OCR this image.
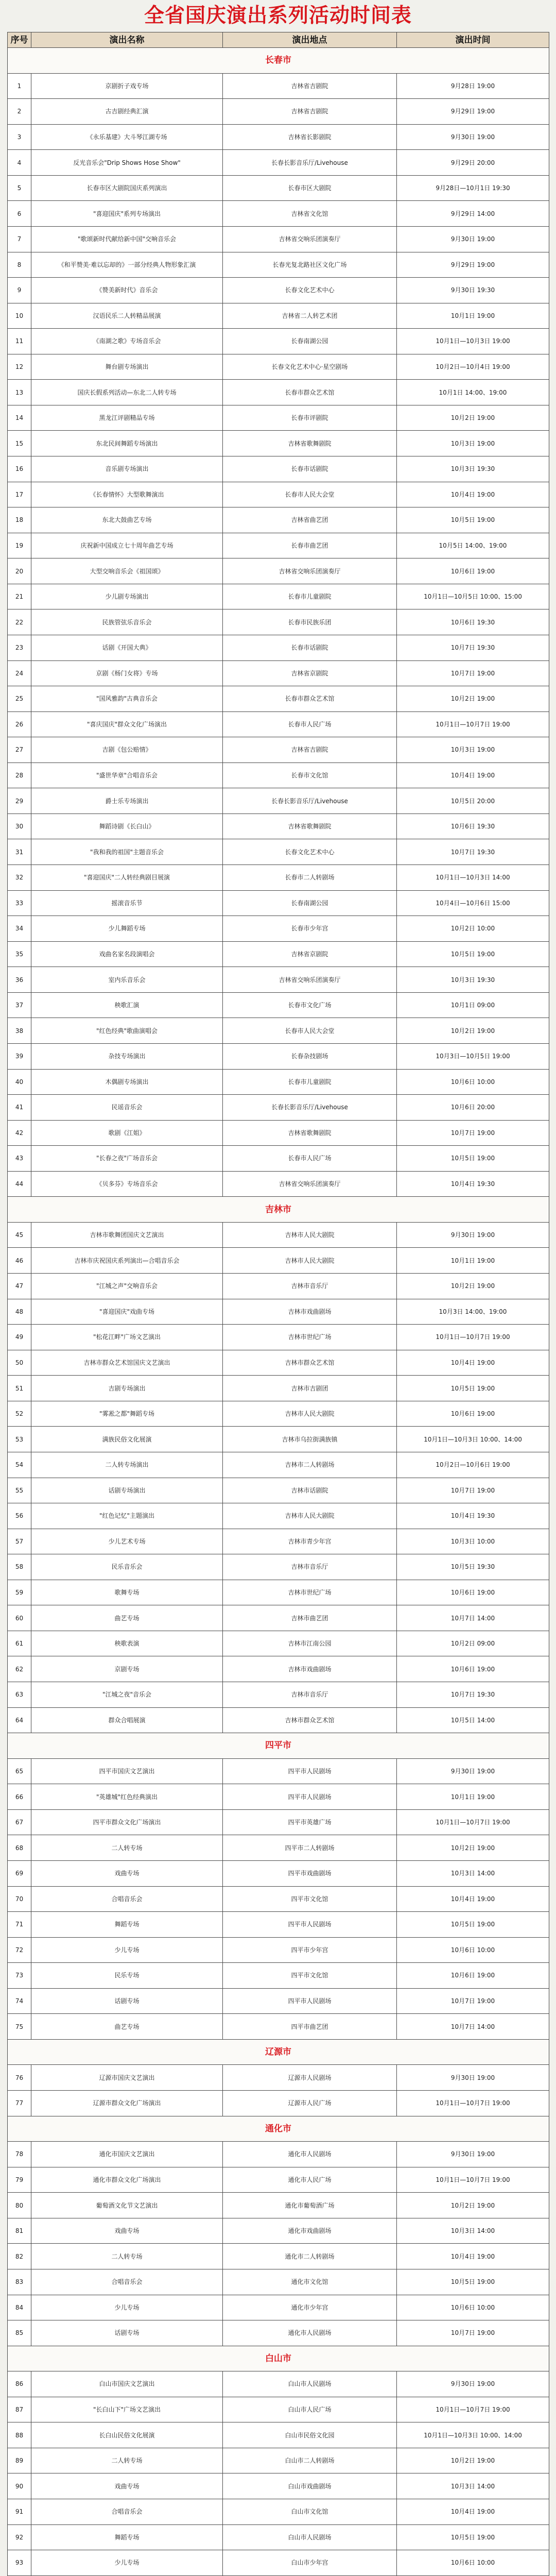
全省国庆演出系列活动时间表
序号	演出名称	演出地点	演出时间
长春市			
1	京剧折子戏专场	吉林省吉剧院	9月28日 19:00
2	古吉剧经典汇演	吉林省吉剧院	9月29日 19:00
3	《永乐基建》大斗琴江湖专场	吉林省长影剧院	9月30日 19:00
4	反光音乐会"Drip Shows Hose Show"	长春长影音乐厅/Livehouse	9月29日 20:00
5	长春市区大剧院国庆系列演出	长春市区大剧院	9月28日—10月1日 19:30
6	"喜迎国庆"系列专场演出	吉林省文化馆	9月29日 14:00
7	"歌颂新时代献给新中国"交响音乐会	吉林省交响乐团演奏厅	9月30日 19:00
8	《和平赞美·难以忘却的》一部分经典人物形象汇演	长春光复北路社区文化广场	9月29日 19:00
9	《赞美新时代》音乐会	长春文化艺术中心	9月30日 19:30
10	汉语民乐二人转精品展演	吉林省二人转艺术团	10月1日 19:00
11	《南湖之歌》专场音乐会	长春南湖公园	10月1日—10月3日 19:00
12	舞台剧专场演出	长春文化艺术中心·星空剧场	10月2日—10月4日 19:00
13	国庆长假系列活动—东北二人转专场	长春市群众艺术馆	10月1日 14:00、19:00
14	黑龙江评剧精品专场	长春市评剧院	10月2日 19:00
15	东北民间舞蹈专场演出	吉林省歌舞剧院	10月3日 19:00
16	音乐剧专场演出	长春市话剧院	10月3日 19:30
17	《长春情怀》大型歌舞演出	长春市人民大会堂	10月4日 19:00
18	东北大鼓曲艺专场	吉林省曲艺团	10月5日 19:00
19	庆祝新中国成立七十周年曲艺专场	长春市曲艺团	10月5日 14:00、19:00
20	大型交响音乐会《祖国颂》	吉林省交响乐团演奏厅	10月6日 19:00
21	少儿剧专场演出	长春市儿童剧院	10月1日—10月5日 10:00、15:00
22	民族管弦乐音乐会	长春市民族乐团	10月6日 19:30
23	话剧《开国大典》	长春市话剧院	10月7日 19:30
24	京剧《杨门女将》专场	吉林省京剧院	10月7日 19:00
25	"国风雅韵"古典音乐会	长春市群众艺术馆	10月2日 19:00
26	"喜庆国庆"群众文化广场演出	长春市人民广场	10月1日—10月7日 19:00
27	吉剧《包公赔情》	吉林省吉剧院	10月3日 19:00
28	"盛世华章"合唱音乐会	长春市文化馆	10月4日 19:00
29	爵士乐专场演出	长春长影音乐厅/Livehouse	10月5日 20:00
30	舞蹈诗剧《长白山》	吉林省歌舞剧院	10月6日 19:30
31	"我和我的祖国"主题音乐会	长春文化艺术中心	10月7日 19:30
32	"喜迎国庆"二人转经典剧目展演	长春市二人转剧场	10月1日—10月3日 14:00
33	摇滚音乐节	长春南湖公园	10月4日—10月6日 15:00
34	少儿舞蹈专场	长春市少年宫	10月2日 10:00
35	戏曲名家名段演唱会	吉林省京剧院	10月5日 19:00
36	室内乐音乐会	吉林省交响乐团演奏厅	10月3日 19:30
37	秧歌汇演	长春市文化广场	10月1日 09:00
38	"红色经典"歌曲演唱会	长春市人民大会堂	10月2日 19:00
39	杂技专场演出	长春杂技剧场	10月3日—10月5日 19:00
40	木偶剧专场演出	长春市儿童剧院	10月6日 10:00
41	民谣音乐会	长春长影音乐厅/Livehouse	10月6日 20:00
42	歌剧《江姐》	吉林省歌舞剧院	10月7日 19:00
43	"长春之夜"广场音乐会	长春市人民广场	10月5日 19:00
44	《贝多芬》专场音乐会	吉林省交响乐团演奏厅	10月4日 19:30
吉林市			
45	吉林市歌舞团国庆文艺演出	吉林市人民大剧院	9月30日 19:00
46	吉林市庆祝国庆系列演出—合唱音乐会	吉林市人民大剧院	10月1日 19:00
47	"江城之声"交响音乐会	吉林市音乐厅	10月2日 19:00
48	"喜迎国庆"戏曲专场	吉林市戏曲剧场	10月3日 14:00、19:00
49	"松花江畔"广场文艺演出	吉林市世纪广场	10月1日—10月7日 19:00
50	吉林市群众艺术馆国庆文艺演出	吉林市群众艺术馆	10月4日 19:00
51	吉剧专场演出	吉林市吉剧团	10月5日 19:00
52	"雾凇之都"舞蹈专场	吉林市人民大剧院	10月6日 19:00
53	满族民俗文化展演	吉林市乌拉街满族镇	10月1日—10月3日 10:00、14:00
54	二人转专场演出	吉林市二人转剧场	10月2日—10月6日 19:00
55	话剧专场演出	吉林市话剧院	10月7日 19:00
56	"红色记忆"主题演出	吉林市人民大剧院	10月4日 19:30
57	少儿艺术专场	吉林市青少年宫	10月3日 10:00
58	民乐音乐会	吉林市音乐厅	10月5日 19:30
59	歌舞专场	吉林市世纪广场	10月6日 19:00
60	曲艺专场	吉林市曲艺团	10月7日 14:00
61	秧歌表演	吉林市江南公园	10月2日 09:00
62	京剧专场	吉林市戏曲剧场	10月6日 19:00
63	"江城之夜"音乐会	吉林市音乐厅	10月7日 19:30
64	群众合唱展演	吉林市群众艺术馆	10月5日 14:00
四平市			
65	四平市国庆文艺演出	四平市人民剧场	9月30日 19:00
66	"英雄城"红色经典演出	四平市人民剧场	10月1日 19:00
67	四平市群众文化广场演出	四平市英雄广场	10月1日—10月7日 19:00
68	二人转专场	四平市二人转剧场	10月2日 19:00
69	戏曲专场	四平市戏曲剧场	10月3日 14:00
70	合唱音乐会	四平市文化馆	10月4日 19:00
71	舞蹈专场	四平市人民剧场	10月5日 19:00
72	少儿专场	四平市少年宫	10月6日 10:00
73	民乐专场	四平市文化馆	10月6日 19:00
74	话剧专场	四平市人民剧场	10月7日 19:00
75	曲艺专场	四平市曲艺团	10月7日 14:00
辽源市			
76	辽源市国庆文艺演出	辽源市人民剧场	9月30日 19:00
77	辽源市群众文化广场演出	辽源市人民广场	10月1日—10月7日 19:00
通化市			
78	通化市国庆文艺演出	通化市人民剧场	9月30日 19:00
79	通化市群众文化广场演出	通化市人民广场	10月1日—10月7日 19:00
80	葡萄酒文化节文艺演出	通化市葡萄酒广场	10月2日 19:00
81	戏曲专场	通化市戏曲剧场	10月3日 14:00
82	二人转专场	通化市二人转剧场	10月4日 19:00
83	合唱音乐会	通化市文化馆	10月5日 19:00
84	少儿专场	通化市少年宫	10月6日 10:00
85	话剧专场	通化市人民剧场	10月7日 19:00
白山市			
86	白山市国庆文艺演出	白山市人民剧场	9月30日 19:00
87	"长白山下"广场文艺演出	白山市人民广场	10月1日—10月7日 19:00
88	长白山民俗文化展演	白山市民俗文化园	10月1日—10月3日 10:00、14:00
89	二人转专场	白山市二人转剧场	10月2日 19:00
90	戏曲专场	白山市戏曲剧场	10月3日 14:00
91	合唱音乐会	白山市文化馆	10月4日 19:00
92	舞蹈专场	白山市人民剧场	10月5日 19:00
93	少儿专场	白山市少年宫	10月6日 10:00
